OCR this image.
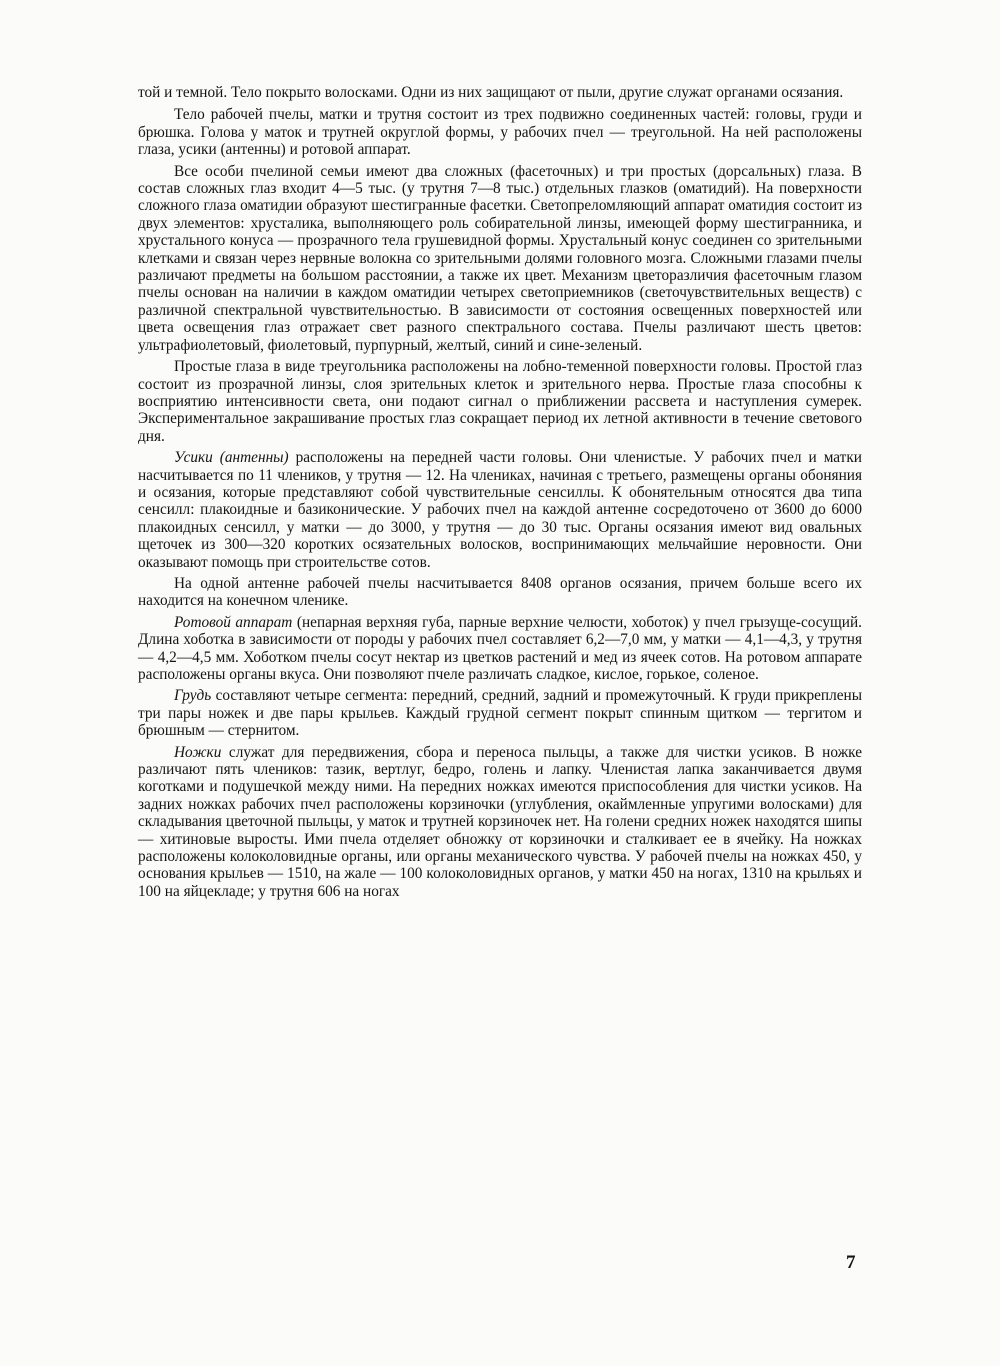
той и темной. Тело покрыто волосками. Одни из них защищают от пыли, другие служат органами осязания.

Тело рабочей пчелы, матки и трутня состоит из трех подвижно соединенных частей: головы, груди и брюшка. Голова у маток и трутней округлой формы, у рабочих пчел — треугольной. На ней расположены глаза, усики (антенны) и ротовой аппарат.

Все особи пчелиной семьи имеют два сложных (фасеточных) и три простых (дорсальных) глаза. В состав сложных глаз входит 4—5 тыс. (у трутня 7—8 тыс.) отдельных глазков (оматидий). На поверхности сложного глаза оматидии образуют шестигранные фасетки. Светопреломляющий аппарат оматидия состоит из двух элементов: хрусталика, выполняющего роль собирательной линзы, имеющей форму шестигранника, и хрустального конуса — прозрачного тела грушевидной формы. Хрустальный конус соединен со зрительными клетками и связан через нервные волокна со зрительными долями головного мозга. Сложными глазами пчелы различают предметы на большом расстоянии, а также их цвет. Механизм цветоразличия фасеточным глазом пчелы основан на наличии в каждом оматидии четырех светоприемников (светочувствительных веществ) с различной спектральной чувствительностью. В зависимости от состояния освещенных поверхностей или цвета освещения глаз отражает свет разного спектрального состава. Пчелы различают шесть цветов: ультрафиолетовый, фиолетовый, пурпурный, желтый, синий и сине-зеленый.

Простые глаза в виде треугольника расположены на лобно-теменной поверхности головы. Простой глаз состоит из прозрачной линзы, слоя зрительных клеток и зрительного нерва. Простые глаза способны к восприятию интенсивности света, они подают сигнал о приближении рассвета и наступления сумерек. Экспериментальное закрашивание простых глаз сокращает период их летной активности в течение светового дня.

Усики (антенны) расположены на передней части головы. Они членистые. У рабочих пчел и матки насчитывается по 11 члеников, у трутня — 12. На члениках, начиная с третьего, размещены органы обоняния и осязания, которые представляют собой чувствительные сенсиллы. К обонятельным относятся два типа сенсилл: плакоидные и базиконические. У рабочих пчел на каждой антенне сосредоточено от 3600 до 6000 плакоидных сенсилл, у матки — до 3000, у трутня — до 30 тыс. Органы осязания имеют вид овальных щеточек из 300—320 коротких осязательных волосков, воспринимающих мельчайшие неровности. Они оказывают помощь при строительстве сотов.

На одной антенне рабочей пчелы насчитывается 8408 органов осязания, причем больше всего их находится на конечном членике.

Ротовой аппарат (непарная верхняя губа, парные верхние челюсти, хоботок) у пчел грызуще-сосущий. Длина хоботка в зависимости от породы у рабочих пчел составляет 6,2—7,0 мм, у матки — 4,1—4,3, у трутня — 4,2—4,5 мм. Хоботком пчелы сосут нектар из цветков растений и мед из ячеек сотов. На ротовом аппарате расположены органы вкуса. Они позволяют пчеле различать сладкое, кислое, горькое, соленое.

Грудь составляют четыре сегмента: передний, средний, задний и промежуточный. К груди прикреплены три пары ножек и две пары крыльев. Каждый грудной сегмент покрыт спинным щитком — тергитом и брюшным — стернитом.

Ножки служат для передвижения, сбора и переноса пыльцы, а также для чистки усиков. В ножке различают пять члеников: тазик, вертлуг, бедро, голень и лапку. Членистая лапка заканчивается двумя коготками и подушечкой между ними. На передних ножках имеются приспособления для чистки усиков. На задних ножках рабочих пчел расположены корзиночки (углубления, окаймленные упругими волосками) для складывания цветочной пыльцы, у маток и трутней корзиночек нет. На голени средних ножек находятся шипы — хитиновые выросты. Ими пчела отделяет обножку от корзиночки и сталкивает ее в ячейку. На ножках расположены колоколовидные органы, или органы механического чувства. У рабочей пчелы на ножках 450, у основания крыльев — 1510, на жале — 100 колоколовидных органов, у матки 450 на ногах, 1310 на крыльях и 100 на яйцекладе; у трутня 606 на ногах

7
